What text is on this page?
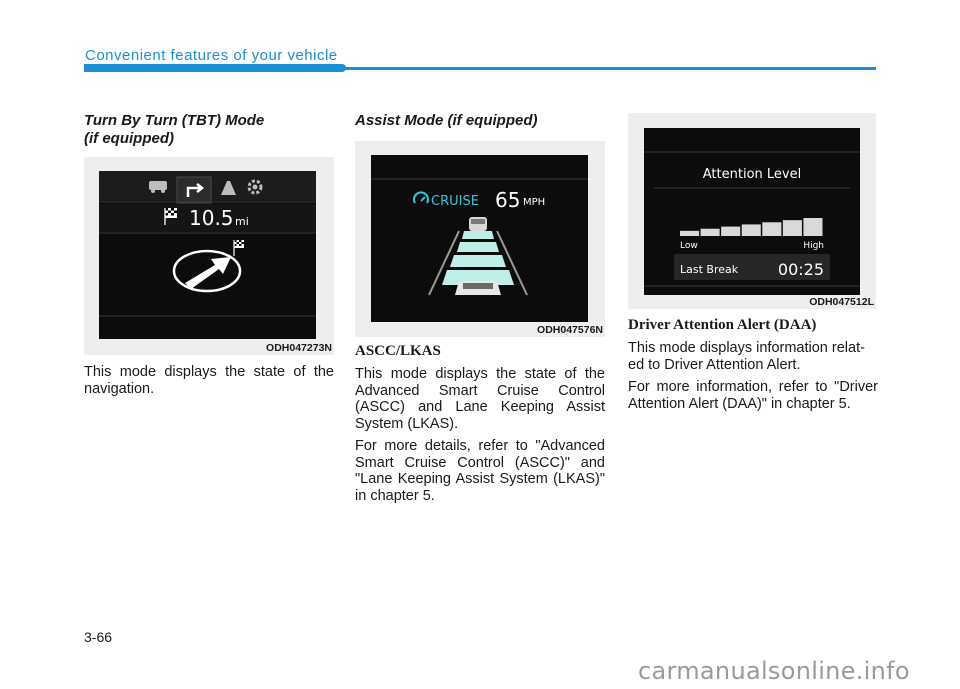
Convenient features of your vehicle
Turn By Turn (TBT) Mode
(if equipped)
10.5 mi
ODH047273N

This mode displays the state of the navigation.

Assist Mode (if equipped)
CRUISE 65 MPH
ODH047576N
ASCC/LKAS

This mode displays the state of the Advanced Smart Cruise Control (ASCC) and Lane Keeping Assist System (LKAS).

For more details, refer to "Advanced Smart Cruise Control (ASCC)" and "Lane Keeping Assist System (LKAS)" in chapter 5.

Attention Level
Low	High
Last Break 00:25
ODH047512L
Driver Attention Alert (DAA)

This mode displays information relat-
ed to Driver Attention Alert.

For more information, refer to "Driver Attention Alert (DAA)" in chapter 5.

3-66
carmanualsonline.info
